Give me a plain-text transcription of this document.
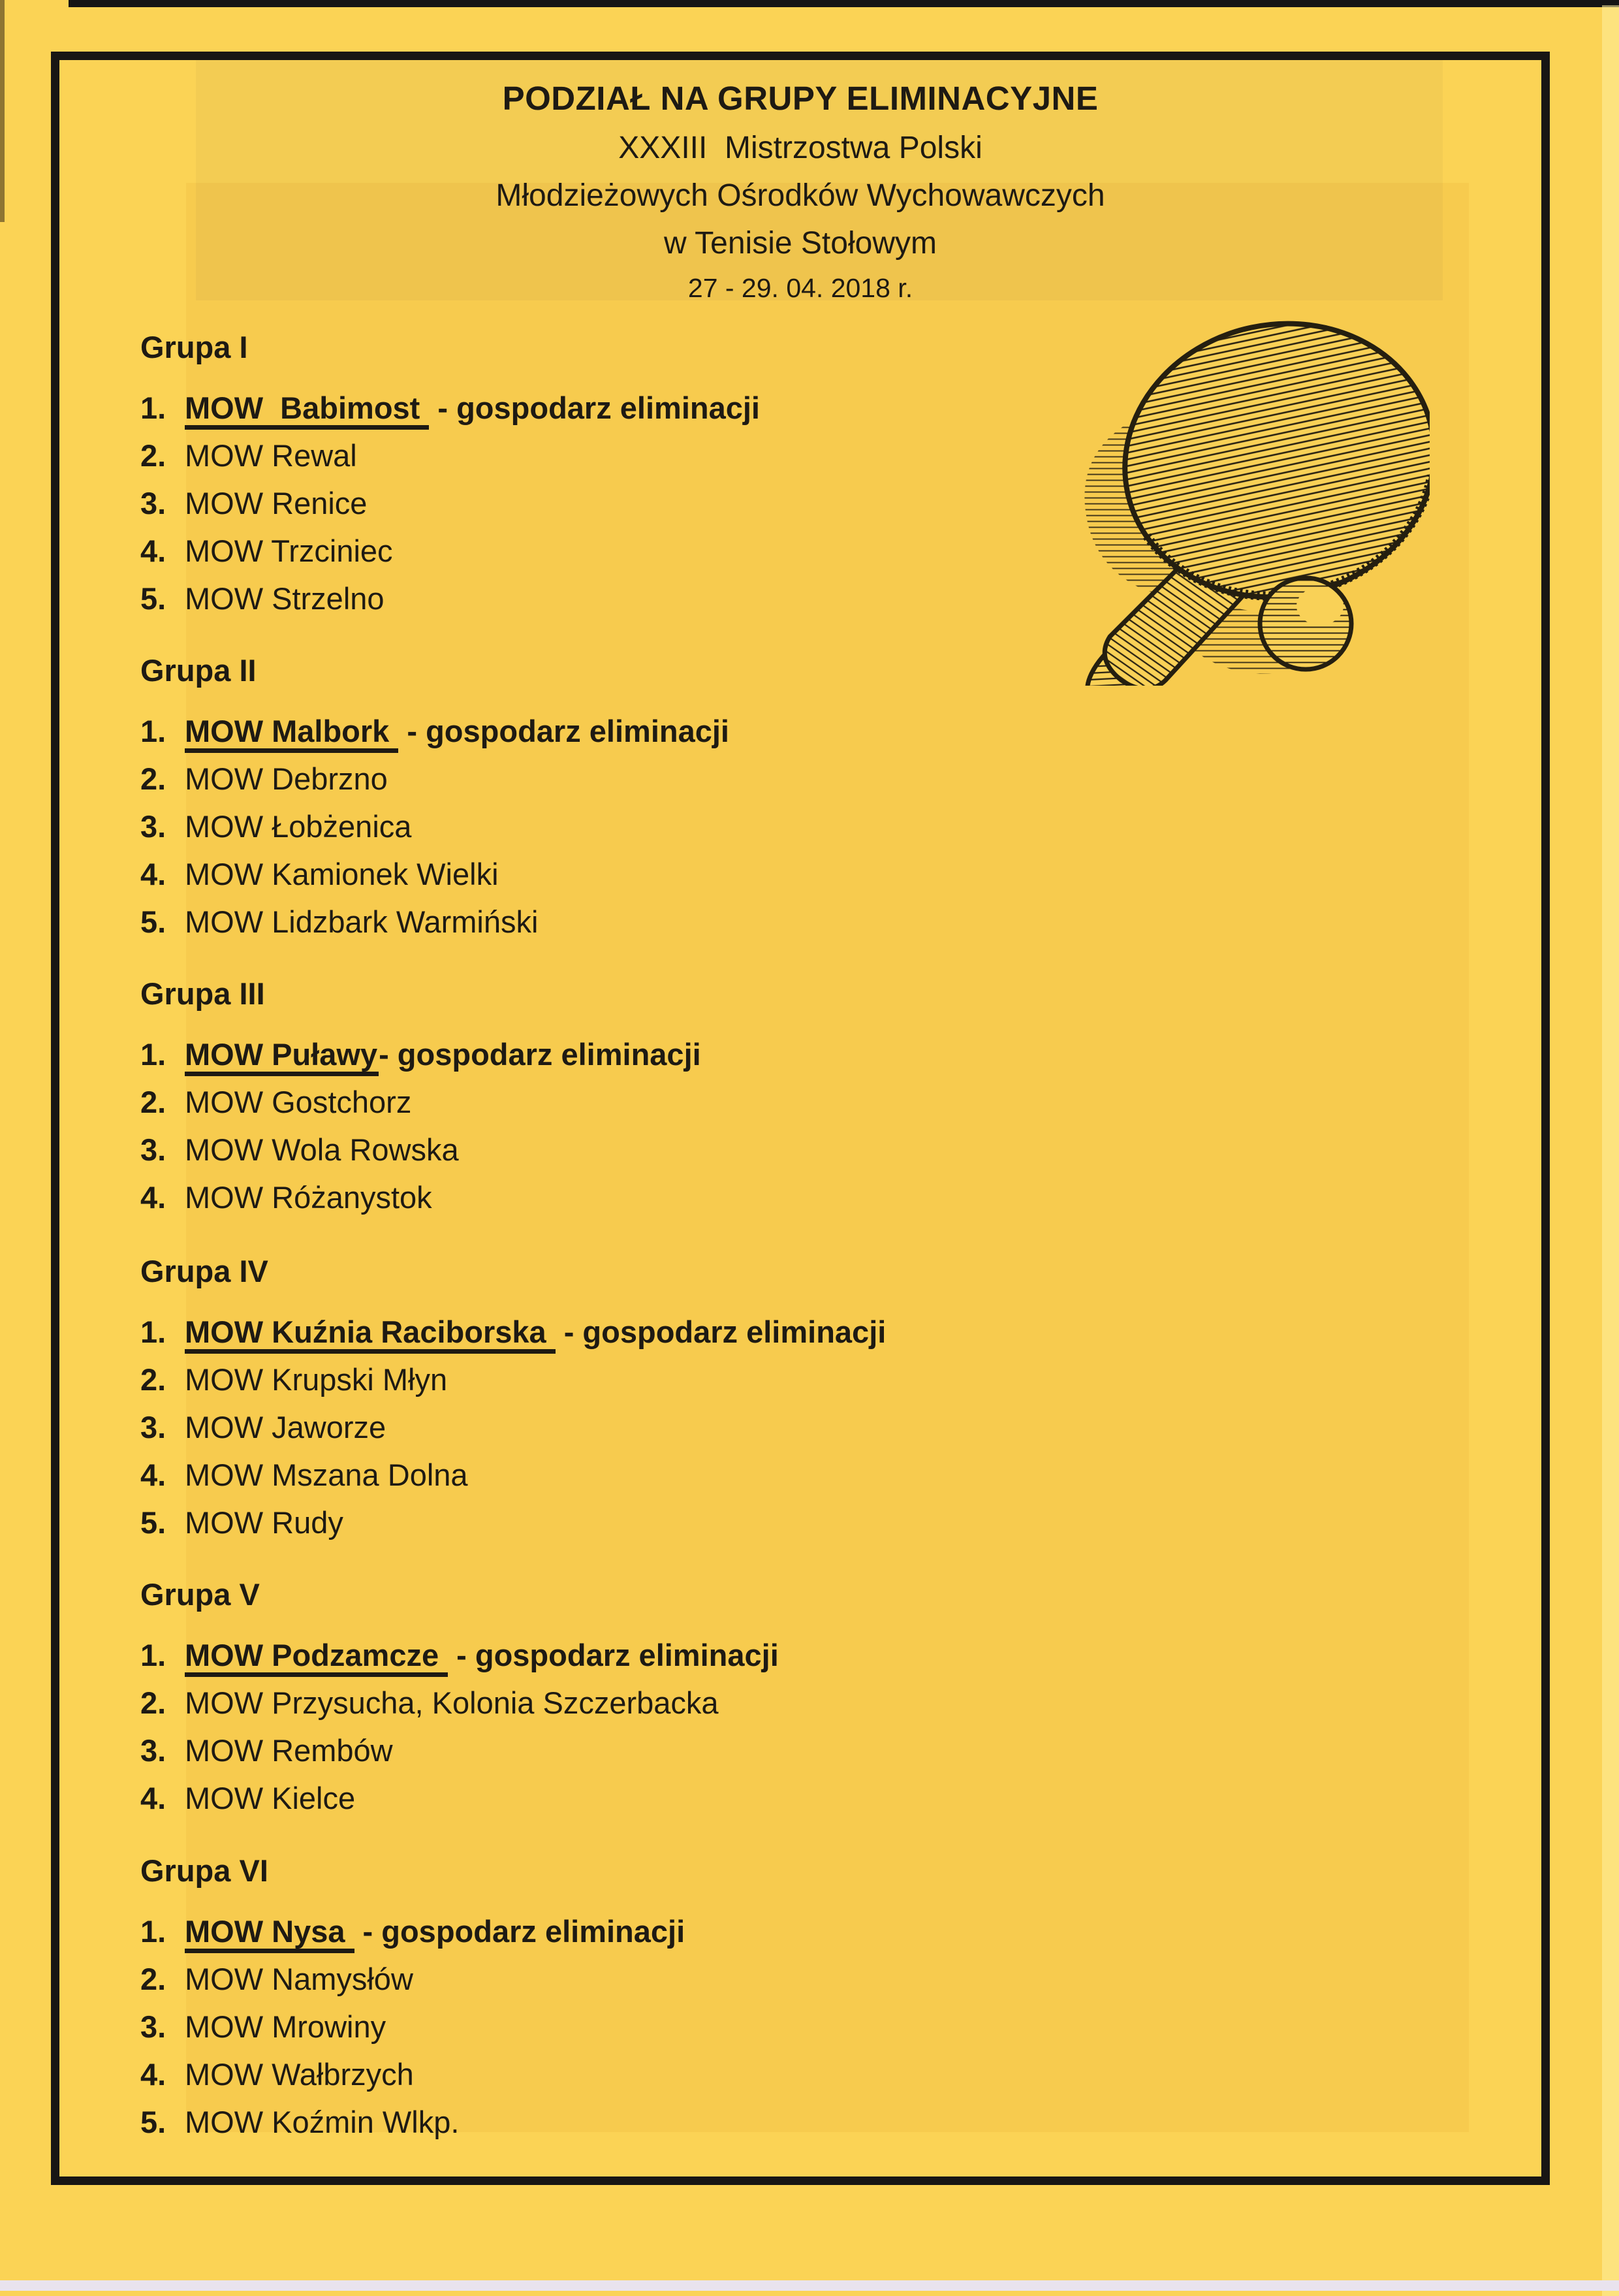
PODZIAŁ NA GRUPY ELIMINACYJNE
XXXIII  Mistrzostwa Polski
Młodzieżowych Ośrodków Wychowawczych
w Tenisie Stołowym
27 - 29. 04. 2018 r.
Grupa I
1. MOW  Babimost - gospodarz eliminacji
2. MOW Rewal
3. MOW Renice
4. MOW Trzciniec
5. MOW Strzelno
Grupa II
1. MOW Malbork - gospodarz eliminacji
2. MOW Debrzno
3. MOW Łobżenica
4. MOW Kamionek Wielki
5. MOW Lidzbark Warmiński
Grupa III
1. MOW Puławy- gospodarz eliminacji
2. MOW Gostchorz
3. MOW Wola Rowska
4. MOW Różanystok
Grupa IV
1. MOW Kuźnia Raciborska - gospodarz eliminacji
2. MOW Krupski Młyn
3. MOW Jaworze
4. MOW Mszana Dolna
5. MOW Rudy
Grupa V
1. MOW Podzamcze - gospodarz eliminacji
2. MOW Przysucha, Kolonia Szczerbacka
3. MOW Rembów
4. MOW Kielce
Grupa VI
1. MOW Nysa - gospodarz eliminacji
2. MOW Namysłów
3. MOW Mrowiny
4. MOW Wałbrzych
5. MOW Koźmin Wlkp.
